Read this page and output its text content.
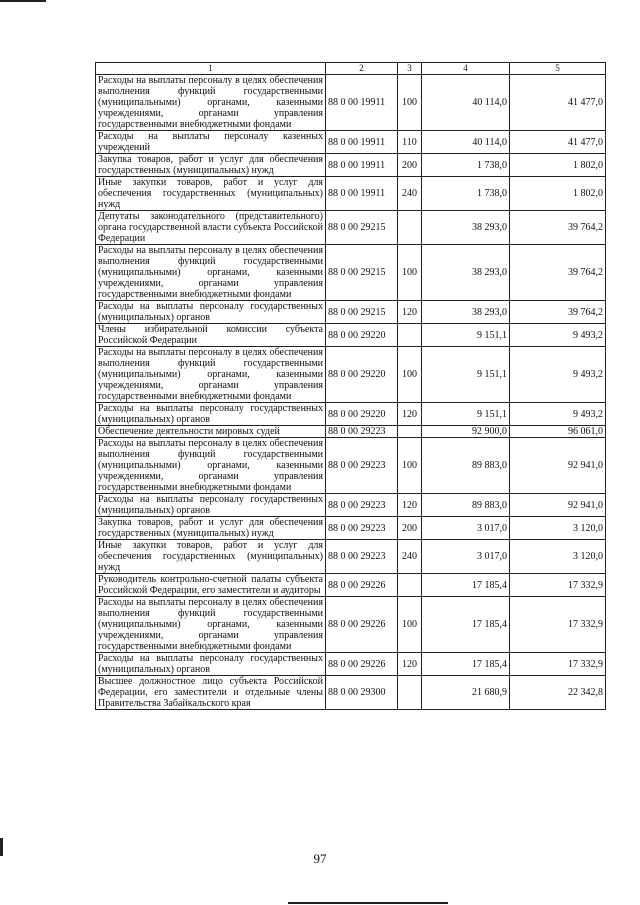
1	2	3	4	5
Расходы на выплаты персоналу в целях обеспечения выполнения функций государственными (муниципальными) органами, казенными учреждениями, органами управления государственными внебюджетными фондами	88 0 00 19911	100	40 114,0	41 477,0
Расходы на выплаты персоналу казенных учреждений	88 0 00 19911	110	40 114,0	41 477,0
Закупка товаров, работ и услуг для обеспечения государственных (муниципальных) нужд	88 0 00 19911	200	1 738,0	1 802,0
Иные закупки товаров, работ и услуг для обеспечения государственных (муниципальных) нужд	88 0 00 19911	240	1 738,0	1 802,0
Депутаты законодательного (представительного) органа государственной власти субъекта Российской Федерации	88 0 00 29215		38 293,0	39 764,2
Расходы на выплаты персоналу в целях обеспечения выполнения функций государственными (муниципальными) органами, казенными учреждениями, органами управления государственными внебюджетными фондами	88 0 00 29215	100	38 293,0	39 764,2
Расходы на выплаты персоналу государственных (муниципальных) органов	88 0 00 29215	120	38 293,0	39 764,2
Члены избирательной комиссии субъекта Российской Федерации	88 0 00 29220		9 151,1	9 493,2
Расходы на выплаты персоналу в целях обеспечения выполнения функций государственными (муниципальными) органами, казенными учреждениями, органами управления государственными внебюджетными фондами	88 0 00 29220	100	9 151,1	9 493,2
Расходы на выплаты персоналу государственных (муниципальных) органов	88 0 00 29220	120	9 151,1	9 493,2
Обеспечение деятельности мировых судей	88 0 00 29223		92 900,0	96 061,0
Расходы на выплаты персоналу в целях обеспечения выполнения функций государственными (муниципальными) органами, казенными учреждениями, органами управления государственными внебюджетными фондами	88 0 00 29223	100	89 883,0	92 941,0
Расходы на выплаты персоналу государственных (муниципальных) органов	88 0 00 29223	120	89 883,0	92 941,0
Закупка товаров, работ и услуг для обеспечения государственных (муниципальных) нужд	88 0 00 29223	200	3 017,0	3 120,0
Иные закупки товаров, работ и услуг для обеспечения государственных (муниципальных) нужд	88 0 00 29223	240	3 017,0	3 120,0
Руководитель контрольно-счетной палаты субъекта Российской Федерации, его заместители и аудиторы	88 0 00 29226		17 185,4	17 332,9
Расходы на выплаты персоналу в целях обеспечения выполнения функций государственными (муниципальными) органами, казенными учреждениями, органами управления государственными внебюджетными фондами	88 0 00 29226	100	17 185,4	17 332,9
Расходы на выплаты персоналу государственных (муниципальных) органов	88 0 00 29226	120	17 185,4	17 332,9
Высшее должностное лицо субъекта Российской Федерации, его заместители и отдельные члены Правительства Забайкальского края	88 0 00 29300		21 680,9	22 342,8
97
